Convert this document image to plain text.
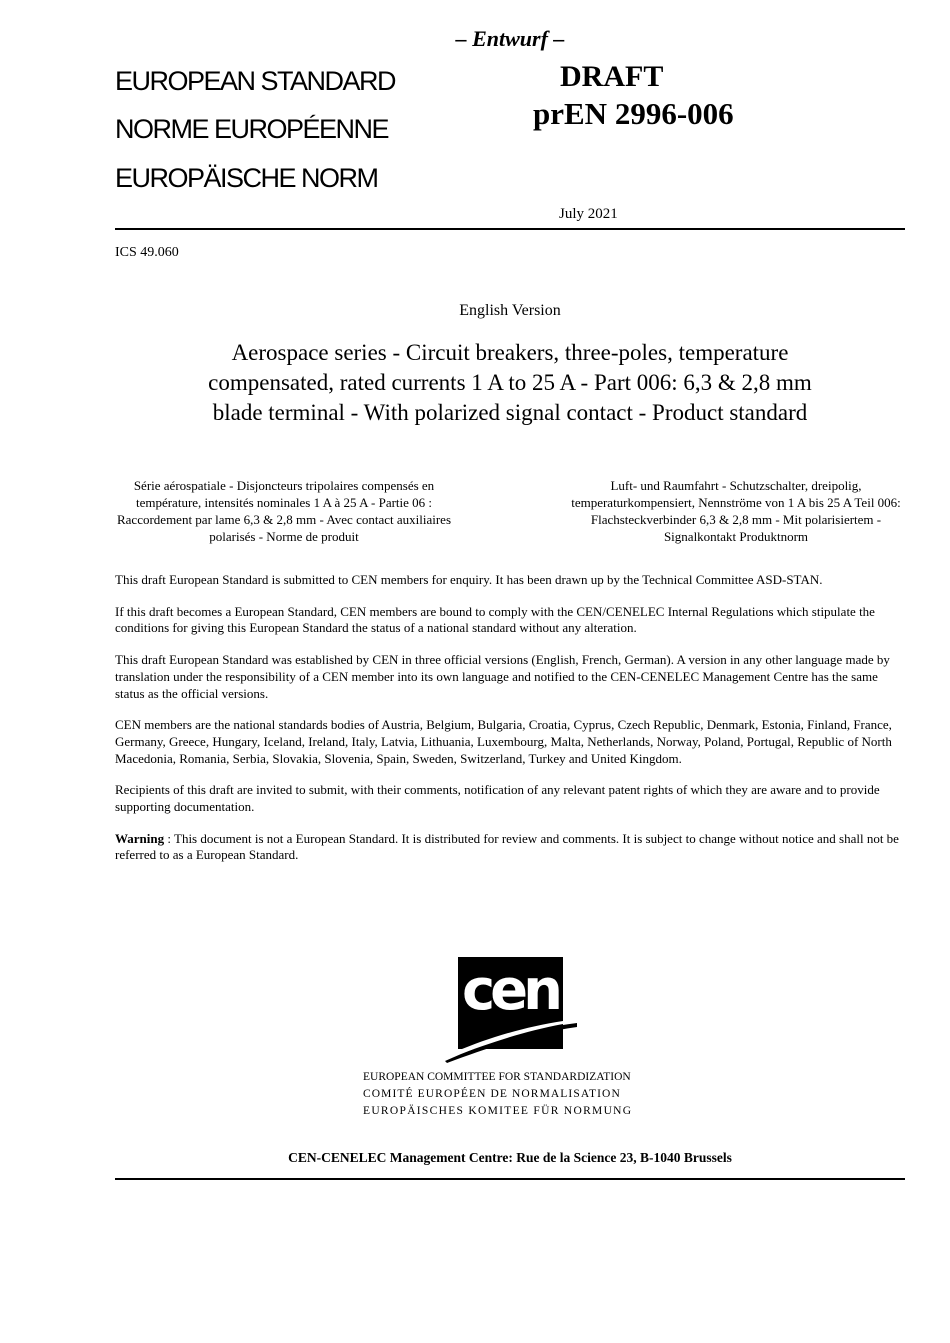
– Entwurf –
EUROPEAN STANDARD
NORME EUROPÉENNE
EUROPÄISCHE NORM
DRAFT
prEN 2996-006
July 2021
ICS 49.060
English Version
Aerospace series - Circuit breakers, three-poles, temperature compensated, rated currents 1 A to 25 A - Part 006: 6,3 & 2,8 mm blade terminal - With polarized signal contact - Product standard
Série aérospatiale - Disjoncteurs tripolaires compensés en température, intensités nominales 1 A à 25 A - Partie 06 : Raccordement par lame 6,3 & 2,8 mm - Avec contact auxiliaires polarisés - Norme de produit
Luft- und Raumfahrt - Schutzschalter, dreipolig, temperaturkompensiert, Nennströme von 1 A bis 25 A Teil 006: Flachsteckverbinder 6,3 & 2,8 mm - Mit polarisiertem - Signalkontakt Produktnorm

This draft European Standard is submitted to CEN members for enquiry. It has been drawn up by the Technical Committee ASD-STAN.

If this draft becomes a European Standard, CEN members are bound to comply with the CEN/CENELEC Internal Regulations which stipulate the conditions for giving this European Standard the status of a national standard without any alteration.

This draft European Standard was established by CEN in three official versions (English, French, German). A version in any other language made by translation under the responsibility of a CEN member into its own language and notified to the CEN-CENELEC Management Centre has the same status as the official versions.

CEN members are the national standards bodies of Austria, Belgium, Bulgaria, Croatia, Cyprus, Czech Republic, Denmark, Estonia, Finland, France, Germany, Greece, Hungary, Iceland, Ireland, Italy, Latvia, Lithuania, Luxembourg, Malta, Netherlands, Norway, Poland, Portugal, Republic of North Macedonia, Romania, Serbia, Slovakia, Slovenia, Spain, Sweden, Switzerland, Turkey and United Kingdom.

Recipients of this draft are invited to submit, with their comments, notification of any relevant patent rights of which they are aware and to provide supporting documentation.

Warning : This document is not a European Standard. It is distributed for review and comments. It is subject to change without notice and shall not be referred to as a European Standard.

cen
EUROPEAN COMMITTEE FOR STANDARDIZATION
COMITÉ EUROPÉEN DE NORMALISATION
EUROPÄISCHES KOMITEE FÜR NORMUNG
CEN-CENELEC Management Centre: Rue de la Science 23, B-1040 Brussels
